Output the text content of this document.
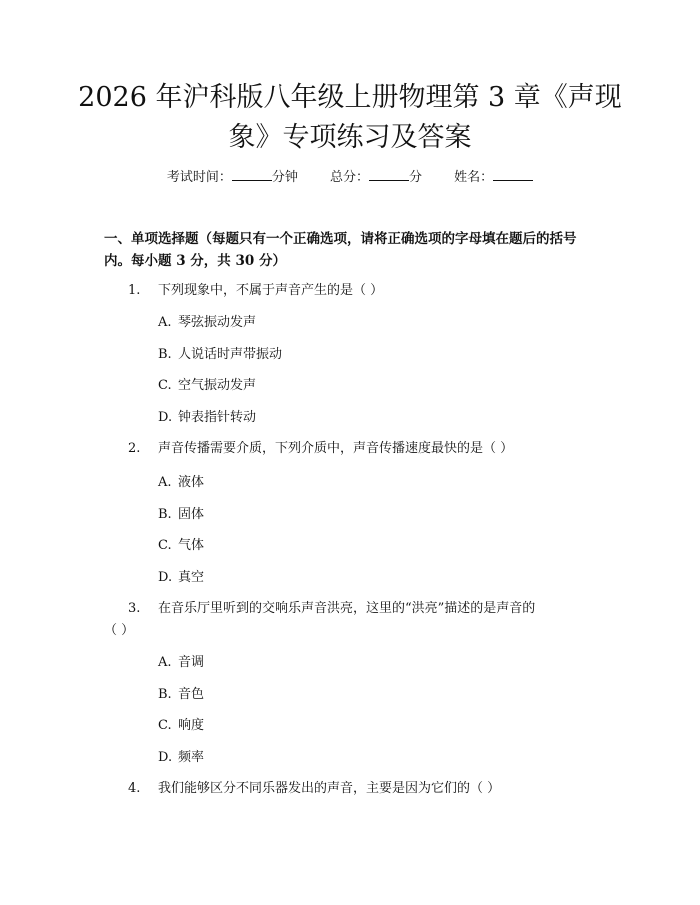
2026 年沪科版八年级上册物理第 3 章《声现
象》专项练习及答案
考试时间：	分钟 总分：	分 姓名：
一、单项选择题（每题只有一个正确选项，请将正确选项的字母填在题后的括号
内。每小题 3 分，共 30 分）
1. 下列现象中，不属于声音产生的是（ ）
A. 琴弦振动发声
B. 人说话时声带振动
C. 空气振动发声
D. 钟表指针转动
2. 声音传播需要介质，下列介质中，声音传播速度最快的是（ ）
A. 液体
B. 固体
C. 气体
D. 真空
3. 在音乐厅里听到的交响乐声音洪亮，这里的“洪亮”描述的是声音的
（ ）
A. 音调
B. 音色
C. 响度
D. 频率
4. 我们能够区分不同乐器发出的声音，主要是因为它们的（ ）
